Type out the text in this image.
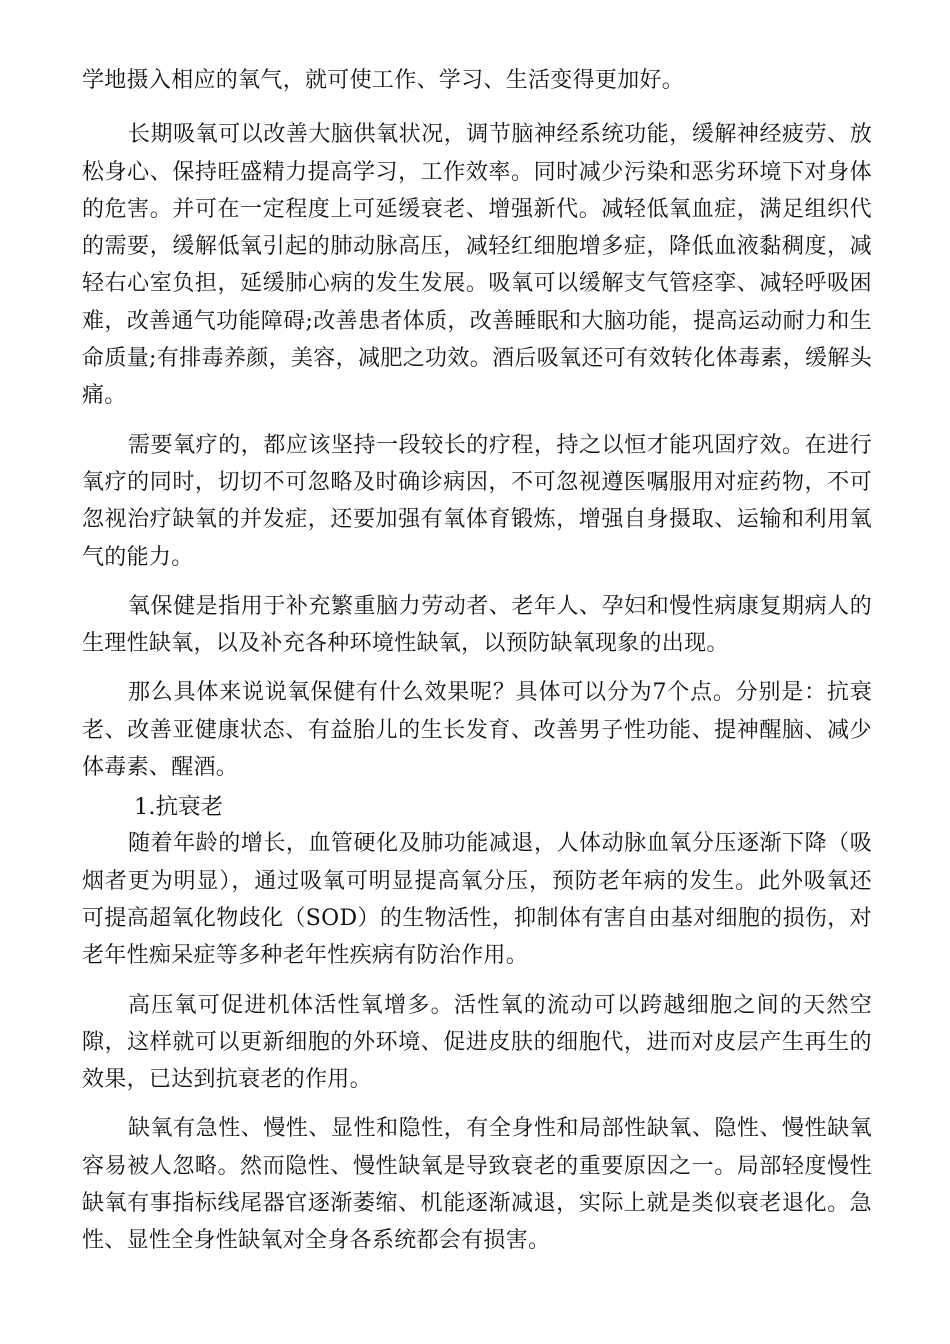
学地摄入相应的氧气，就可使工作、学习、生活变得更加好。

长期吸氧可以改善大脑供氧状况，调节脑神经系统功能，缓解神经疲劳、放松身心、保持旺盛精力提高学习，工作效率。同时减少污染和恶劣环境下对身体的危害。并可在一定程度上可延缓衰老、增强新代。减轻低氧血症，满足组织代的需要，缓解低氧引起的肺动脉高压，减轻红细胞增多症，降低血液黏稠度，减轻右心室负担，延缓肺心病的发生发展。吸氧可以缓解支气管痉挛、减轻呼吸困难，改善通气功能障碍;改善患者体质，改善睡眠和大脑功能，提高运动耐力和生命质量;有排毒养颜，美容，减肥之功效。酒后吸氧还可有效转化体毒素，缓解头痛。

需要氧疗的，都应该坚持一段较长的疗程，持之以恒才能巩固疗效。在进行氧疗的同时，切切不可忽略及时确诊病因，不可忽视遵医嘱服用对症药物，不可忽视治疗缺氧的并发症，还要加强有氧体育锻炼，增强自身摄取、运输和利用氧气的能力。

氧保健是指用于补充繁重脑力劳动者、老年人、孕妇和慢性病康复期病人的生理性缺氧，以及补充各种环境性缺氧，以预防缺氧现象的出现。

那么具体来说说氧保健有什么效果呢？具体可以分为7个点。分别是：抗衰老、改善亚健康状态、有益胎儿的生长发育、改善男子性功能、提神醒脑、减少体毒素、醒酒。

1.抗衰老

随着年龄的增长，血管硬化及肺功能减退，人体动脉血氧分压逐渐下降（吸烟者更为明显），通过吸氧可明显提高氧分压，预防老年病的发生。此外吸氧还可提高超氧化物歧化（SOD）的生物活性，抑制体有害自由基对细胞的损伤，对老年性痴呆症等多种老年性疾病有防治作用。

高压氧可促进机体活性氧增多。活性氧的流动可以跨越细胞之间的天然空隙，这样就可以更新细胞的外环境、促进皮肤的细胞代，进而对皮层产生再生的效果，已达到抗衰老的作用。

缺氧有急性、慢性、显性和隐性，有全身性和局部性缺氧、隐性、慢性缺氧容易被人忽略。然而隐性、慢性缺氧是导致衰老的重要原因之一。局部轻度慢性缺氧有事指标线尾器官逐渐萎缩、机能逐渐减退，实际上就是类似衰老退化。急性、显性全身性缺氧对全身各系统都会有损害。
